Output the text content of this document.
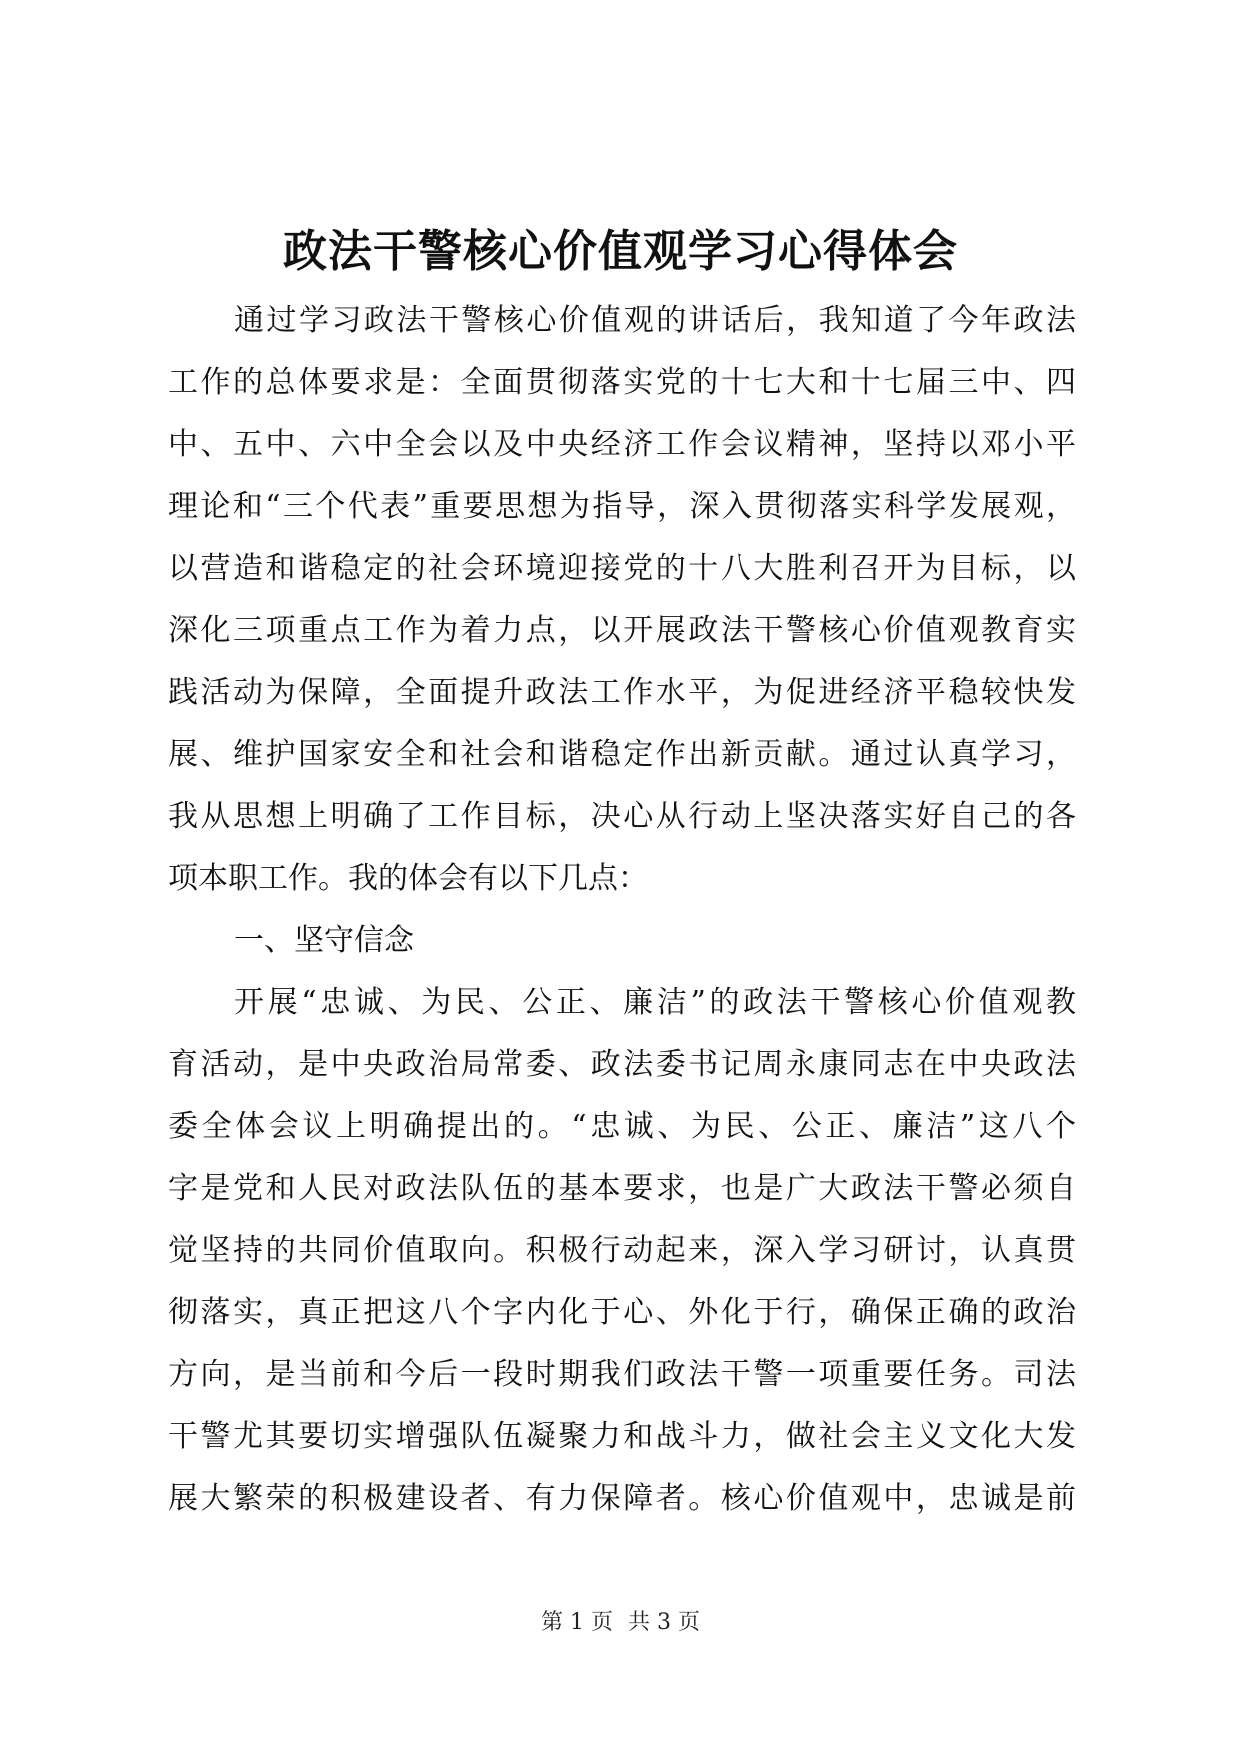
政法干警核心价值观学习心得体会
通过学习政法干警核心价值观的讲话后，我知道了今年政法
工作的总体要求是：全面贯彻落实党的十七大和十七届三中、四
中、五中、六中全会以及中央经济工作会议精神，坚持以邓小平
理论和“三个代表”重要思想为指导，深入贯彻落实科学发展观，
以营造和谐稳定的社会环境迎接党的十八大胜利召开为目标，以
深化三项重点工作为着力点，以开展政法干警核心价值观教育实
践活动为保障，全面提升政法工作水平，为促进经济平稳较快发
展、维护国家安全和社会和谐稳定作出新贡献。通过认真学习，
我从思想上明确了工作目标，决心从行动上坚决落实好自己的各
项本职工作。我的体会有以下几点：
一、坚守信念
开展“忠诚、为民、公正、廉洁”的政法干警核心价值观教
育活动，是中央政治局常委、政法委书记周永康同志在中央政法
委全体会议上明确提出的。“忠诚、为民、公正、廉洁”这八个
字是党和人民对政法队伍的基本要求，也是广大政法干警必须自
觉坚持的共同价值取向。积极行动起来，深入学习研讨，认真贯
彻落实，真正把这八个字内化于心、外化于行，确保正确的政治
方向，是当前和今后一段时期我们政法干警一项重要任务。司法
干警尤其要切实增强队伍凝聚力和战斗力，做社会主义文化大发
展大繁荣的积极建设者、有力保障者。核心价值观中，忠诚是前
第 1 页 共 3 页
